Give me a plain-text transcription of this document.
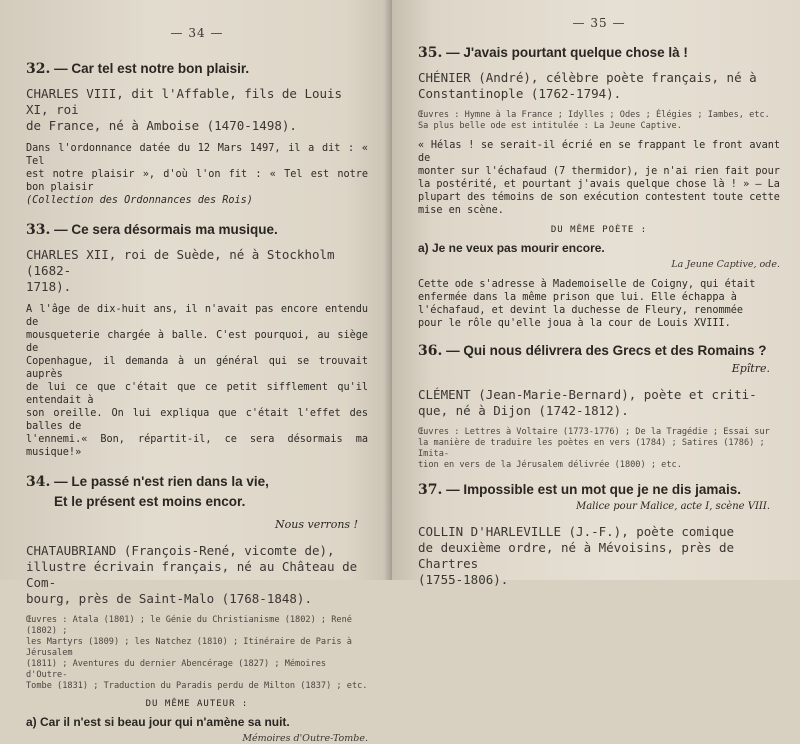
— 34 —
32. — Car tel est notre bon plaisir.
CHARLES VIII, dit l'Affable, fils de Louis XI, roi
de France, né à Amboise (1470-1498).
Dans l'ordonnance datée du 12 Mars 1497, il a dit : « Tel
est notre plaisir », d'où l'on fit : « Tel est notre bon plaisir
(Collection des Ordonnances des Rois)
33. — Ce sera désormais ma musique.
CHARLES XII, roi de Suède, né à Stockholm (1682-
1718).
A l'âge de dix-huit ans, il n'avait pas encore entendu de
mousqueterie chargée à balle. C'est pourquoi, au siège de
Copenhague, il demanda à un général qui se trouvait auprès
de lui ce que c'était que ce petit sifflement qu'il entendait à
son oreille. On lui expliqua que c'était l'effet des balles de
l'ennemi.« Bon, répartit-il, ce sera désormais ma musique!»
34. — Le passé n'est rien dans la vie,
Et le présent est moins encor.
Nous verrons !
CHATAUBRIAND (François-René, vicomte de),
illustre écrivain français, né au Château de Com-
bourg, près de Saint-Malo (1768-1848).
Œuvres : Atala (1801) ; le Génie du Christianisme (1802) ; René (1802) ;
les Martyrs (1809) ; les Natchez (1810) ; Itinéraire de Paris à Jérusalem
(1811) ; Aventures du dernier Abencérage (1827) ; Mémoires d'Outre-
Tombe (1831) ; Traduction du Paradis perdu de Milton (1837) ; etc.
DU MÊME AUTEUR :
a) Car il n'est si beau jour qui n'amène sa nuit.
Mémoires d'Outre-Tombe.
— 35 —
35. — J'avais pourtant quelque chose là !
CHÉNIER (André), célèbre poète français, né à
Constantinople (1762-1794).
Œuvres : Hymne à la France ; Idylles ; Odes ; Élégies ; Iambes, etc.
Sa plus belle ode est intitulée : La Jeune Captive.
« Hélas ! se serait-il écrié en se frappant le front avant de
monter sur l'échafaud (7 thermidor), je n'ai rien fait pour
la postérité, et pourtant j'avais quelque chose là ! » — La
plupart des témoins de son exécution contestent toute cette
mise en scène.
DU MÊME POÈTE :
a) Je ne veux pas mourir encore.
La Jeune Captive, ode.
Cette ode s'adresse à Mademoiselle de Coigny, qui était
enfermée dans la même prison que lui. Elle échappa à
l'échafaud, et devint la duchesse de Fleury, renommée
pour le rôle qu'elle joua à la cour de Louis XVIII.
36. — Qui nous délivrera des Grecs et des Romains ?
Epître.
CLÉMENT (Jean-Marie-Bernard), poète et criti-
que, né à Dijon (1742-1812).
Œuvres : Lettres à Voltaire (1773-1776) ; De la Tragédie ; Essai sur
la manière de traduire les poètes en vers (1784) ; Satires (1786) ; Imita-
tion en vers de la Jérusalem délivrée (1800) ; etc.
37. — Impossible est un mot que je ne dis jamais.
Malice pour Malice, acte I, scène VIII.
COLLIN D'HARLEVILLE (J.-F.), poète comique
de deuxième ordre, né à Mévoisins, près de Chartres
(1755-1806).
